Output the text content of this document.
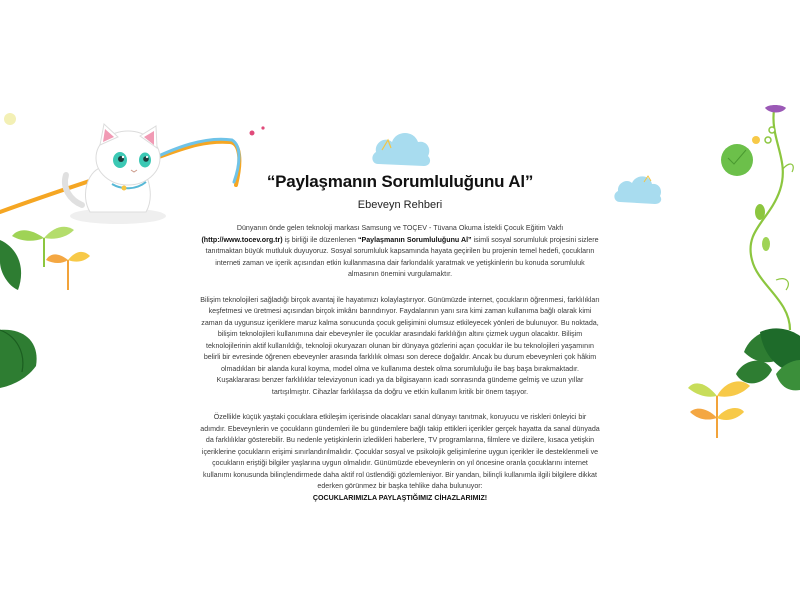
“Paylaşmanın Sorumluluğunu Al”
Ebeveyn Rehberi

Dünyanın önde gelen teknoloji markası Samsung ve TOÇEV - Tüvana Okuma İstekli Çocuk Eğitim Vakfı (http://www.tocev.org.tr) iş birliği ile düzenlenen “Paylaşmanın Sorumluluğunu Al” isimli sosyal sorumluluk projesini sizlere tanıtmaktan büyük mutluluk duyuyoruz. Sosyal sorumluluk kapsamında hayata geçirilen bu projenin temel hedefi, çocukların interneti zaman ve içerik açısından etkin kullanmasına dair farkındalık yaratmak ve yetişkinlerin bu konuda sorumluluk almasının önemini vurgulamaktır.

Bilişim teknolojileri sağladığı birçok avantaj ile hayatımızı kolaylaştırıyor. Günümüzde internet, çocukların öğrenmesi, farklılıkları keşfetmesi ve üretmesi açısından birçok imkânı barındırıyor. Faydalarının yanı sıra kimi zaman kullanıma bağlı olarak kimi zaman da uygunsuz içeriklere maruz kalma sonucunda çocuk gelişimini olumsuz etkileyecek yönleri de bulunuyor. Bu noktada, bilişim teknolojileri kullanımına dair ebeveynler ile çocuklar arasındaki farklılığın altını çizmek uygun olacaktır. Bilişim teknolojilerinin aktif kullanıldığı, teknoloji okuryazarı olunan bir dünyaya gözlerini açan çocuklar ile bu teknolojileri yaşamının belirli bir evresinde öğrenen ebeveynler arasında farklılık olması son derece doğaldır. Ancak bu durum ebeveynleri çok hâkim olmadıkları bir alanda kural koyma, model olma ve kullanıma destek olma sorumluluğu ile baş başa bırakmaktadır. Kuşaklararası benzer farklılıklar televizyonun icadı ya da bilgisayarın icadı sonrasında gündeme gelmiş ve uzun yıllar tartışılmıştır. Cihazlar farklılaşsa da doğru ve etkin kullanım kritik bir önem taşıyor.

Özellikle küçük yaştaki çocuklara etkileşim içerisinde olacakları sanal dünyayı tanıtmak, koruyucu ve riskleri önleyici bir adımdır. Ebeveynlerin ve çocukların gündemleri ile bu gündemlere bağlı takip ettikleri içerikler gerçek hayatta da sanal dünyada da farklılıklar gösterebilir. Bu nedenle yetişkinlerin izledikleri haberlere, TV programlarına, filmlere ve dizilere, kısaca yetişkin içeriklerine çocukların erişimi sınırlandırılmalıdır. Çocuklar sosyal ve psikolojik gelişimlerine uygun içerikler ile desteklenmeli ve çocukların eriştiği bilgiler yaşlarına uygun olmalıdır. Günümüzde ebeveynlerin on yıl öncesine oranla çocuklarını internet kullanımı konusunda bilinçlendirmede daha aktif rol üstlendiği gözlemleniyor. Bir yandan, bilinçli kullanımla ilgili bilgilere dikkat ederken görünmez bir başka tehlike daha bulunuyor:
ÇOCUKLARIMIZLA PAYLAŞTIĞIMIZ CİHAZLARIMIZ!
